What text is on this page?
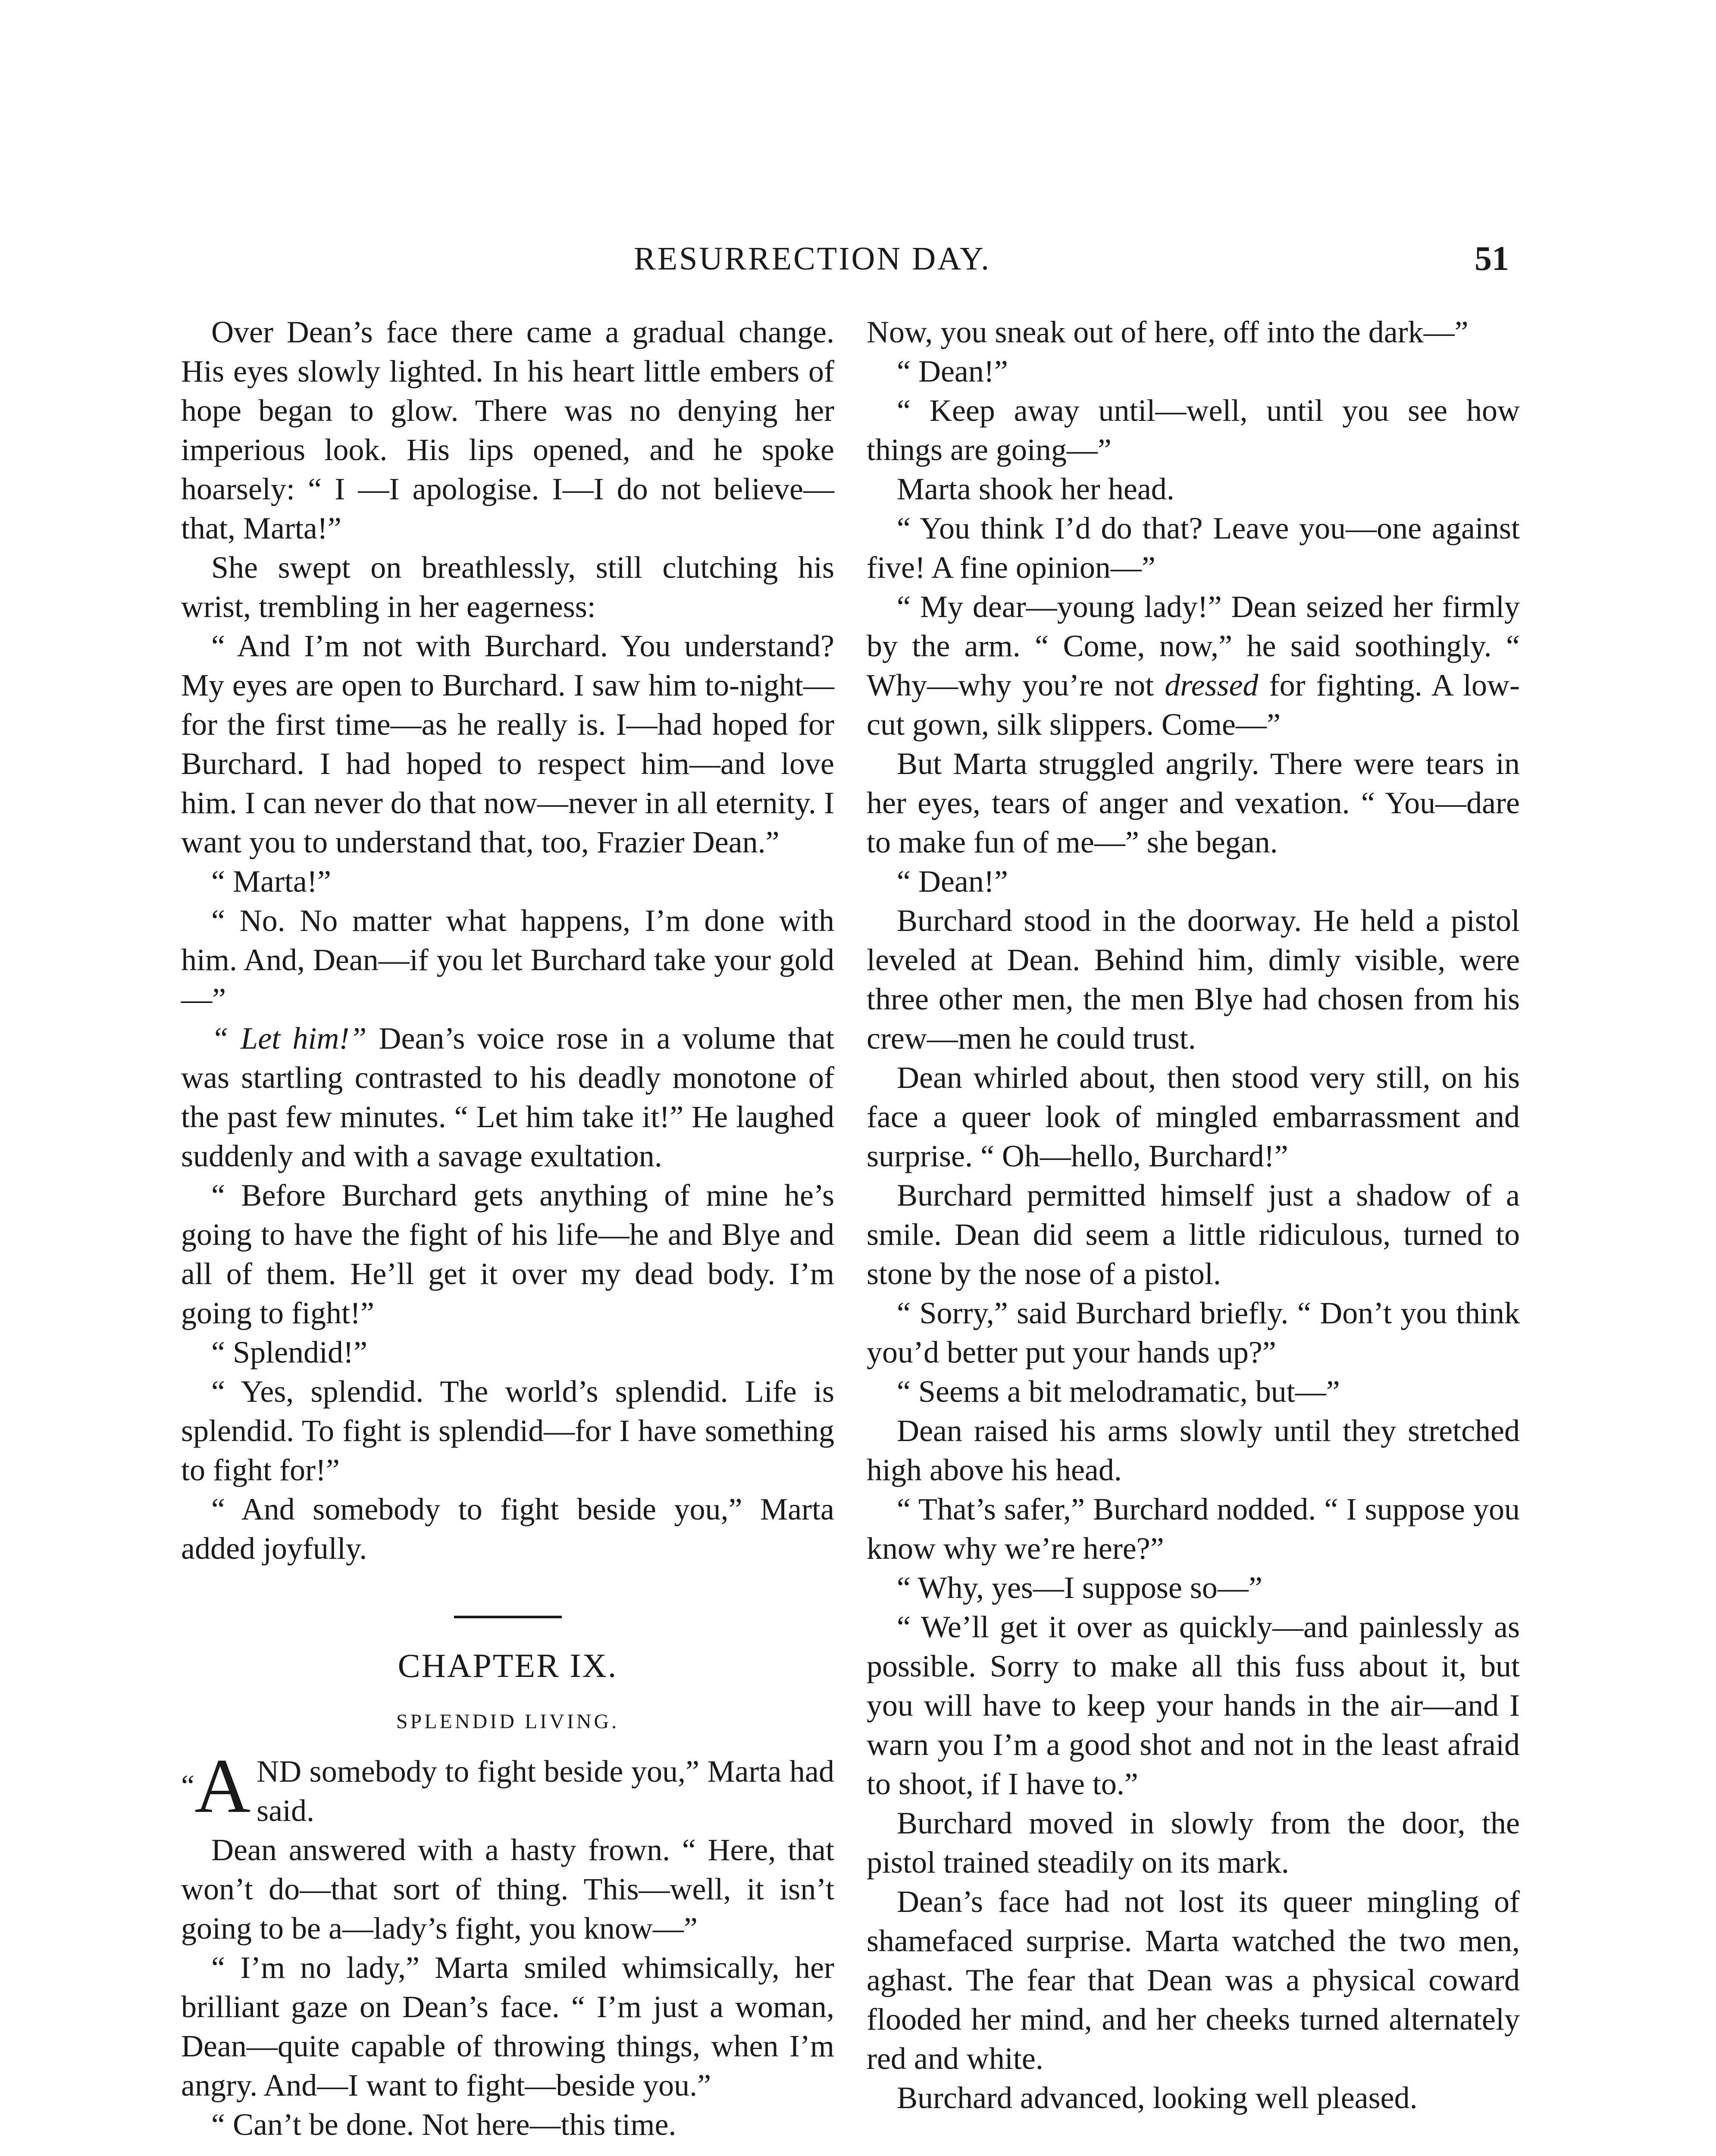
RESURRECTION DAY.	51

Over Dean’s face there came a gradual change. His eyes slowly lighted. In his heart little embers of hope began to glow. There was no denying her imperious look. His lips opened, and he spoke hoarsely: “ I —I apologise. I—I do not believe—that, Marta!”

She swept on breathlessly, still clutching his wrist, trembling in her eagerness:

“ And I’m not with Burchard. You understand? My eyes are open to Burchard. I saw him to-night—for the first time—as he really is. I—had hoped for Burchard. I had hoped to respect him—and love him. I can never do that now—never in all eternity. I want you to understand that, too, Frazier Dean.”

“ Marta!”

“ No. No matter what happens, I’m done with him. And, Dean—if you let Burchard take your gold—”

“ Let him!” Dean’s voice rose in a volume that was startling contrasted to his deadly monotone of the past few minutes. “ Let him take it!” He laughed suddenly and with a savage exultation.

“ Before Burchard gets anything of mine he’s going to have the fight of his life—he and Blye and all of them. He’ll get it over my dead body. I’m going to fight!”

“ Splendid!”

“ Yes, splendid. The world’s splendid. Life is splendid. To fight is splendid—for I have something to fight for!”

“ And somebody to fight beside you,” Marta added joyfully.

CHAPTER IX.
SPLENDID LIVING.

“A ND somebody to fight beside you,” Marta had said.

Dean answered with a hasty frown. “ Here, that won’t do—that sort of thing. This—well, it isn’t going to be a—lady’s fight, you know—”

“ I’m no lady,” Marta smiled whimsically, her brilliant gaze on Dean’s face. “ I’m just a woman, Dean—quite capable of throwing things, when I’m angry. And—I want to fight—beside you.”

“ Can’t be done. Not here—this time.

Now, you sneak out of here, off into the dark—”

“ Dean!”

“ Keep away until—well, until you see how things are going—”

Marta shook her head.

“ You think I’d do that? Leave you—one against five! A fine opinion—”

“ My dear—young lady!” Dean seized her firmly by the arm. “ Come, now,” he said soothingly. “ Why—why you’re not dressed for fighting. A low-cut gown, silk slippers. Come—”

But Marta struggled angrily. There were tears in her eyes, tears of anger and vexation. “ You—dare to make fun of me—” she began.

“ Dean!”

Burchard stood in the doorway. He held a pistol leveled at Dean. Behind him, dimly visible, were three other men, the men Blye had chosen from his crew—men he could trust.

Dean whirled about, then stood very still, on his face a queer look of mingled embarrassment and surprise. “ Oh—hello, Burchard!”

Burchard permitted himself just a shadow of a smile. Dean did seem a little ridiculous, turned to stone by the nose of a pistol.

“ Sorry,” said Burchard briefly. “ Don’t you think you’d better put your hands up?”

“ Seems a bit melodramatic, but—”

Dean raised his arms slowly until they stretched high above his head.

“ That’s safer,” Burchard nodded. “ I suppose you know why we’re here?”

“ Why, yes—I suppose so—”

“ We’ll get it over as quickly—and painlessly as possible. Sorry to make all this fuss about it, but you will have to keep your hands in the air—and I warn you I’m a good shot and not in the least afraid to shoot, if I have to.”

Burchard moved in slowly from the door, the pistol trained steadily on its mark.

Dean’s face had not lost its queer mingling of shamefaced surprise. Marta watched the two men, aghast. The fear that Dean was a physical coward flooded her mind, and her cheeks turned alternately red and white.

Burchard advanced, looking well pleased.
